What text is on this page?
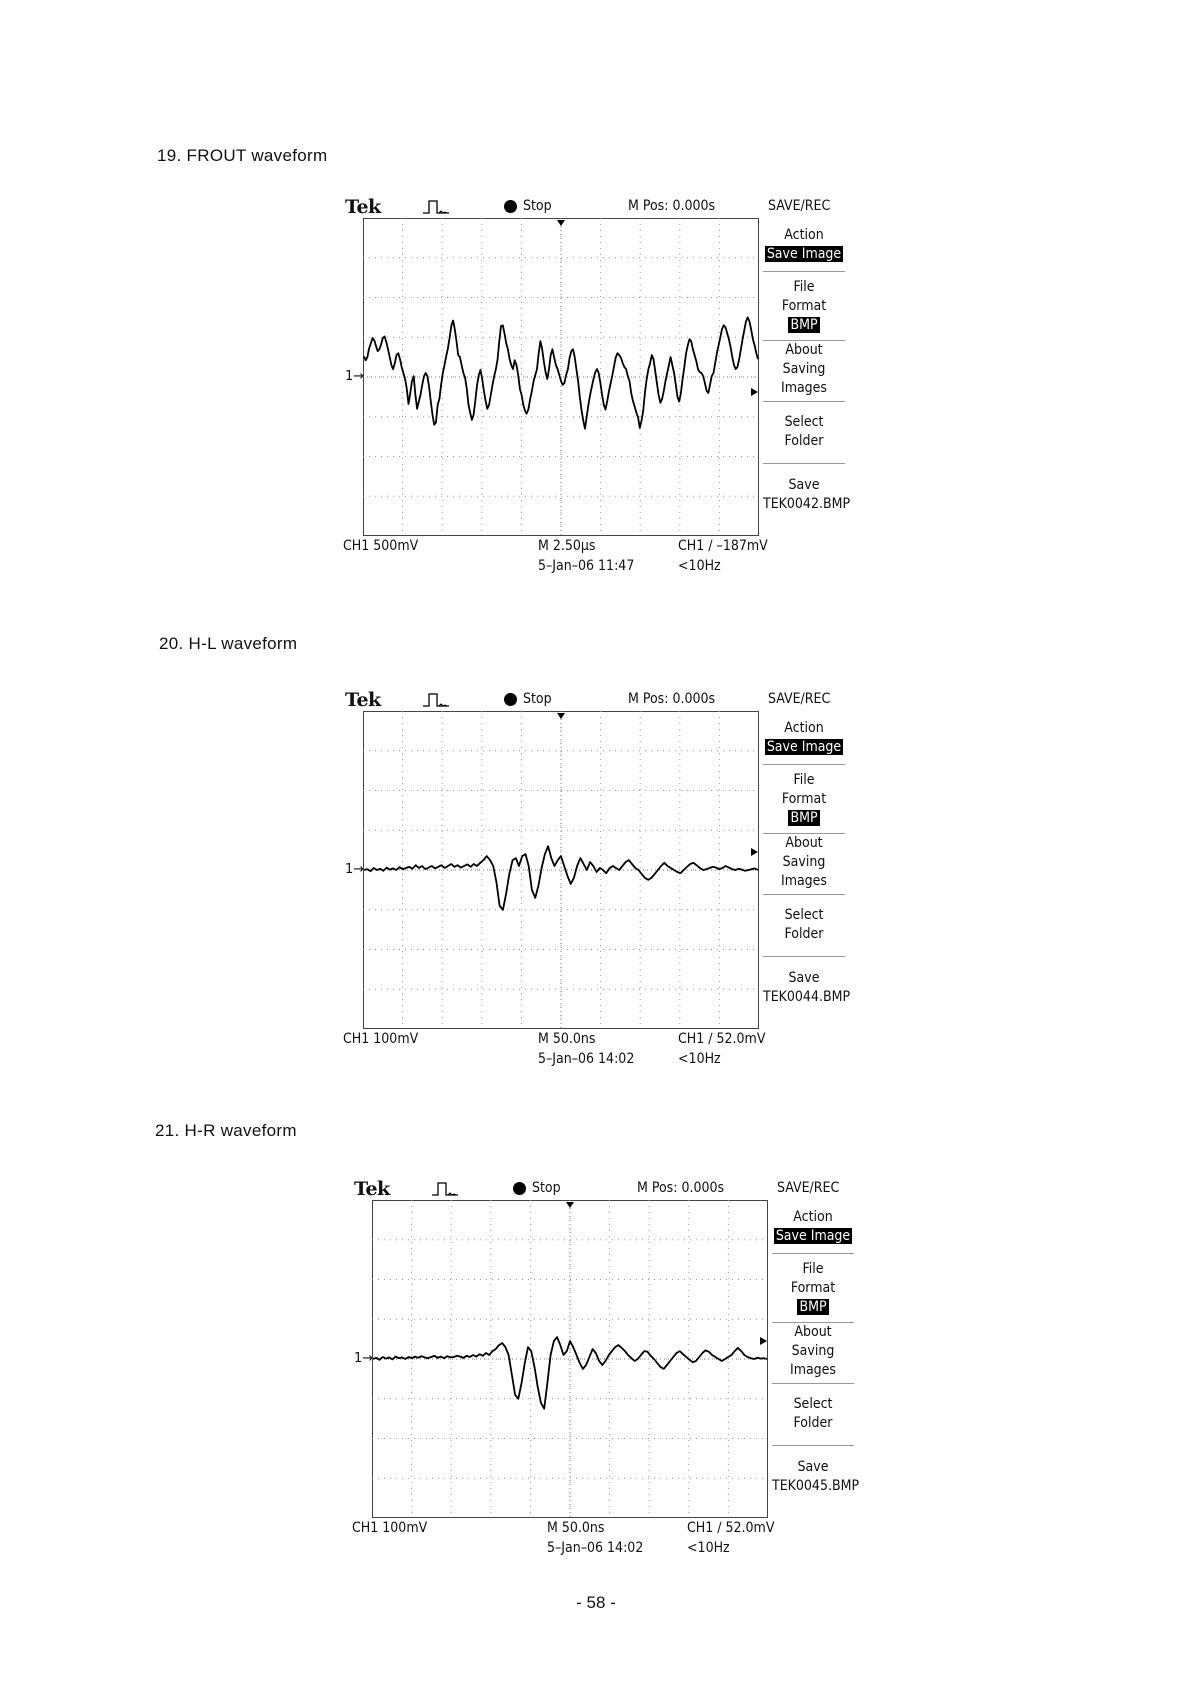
19. FROUT waveform
Tek	Stop	M Pos: 0.000s	SAVE/REC
Action
Save Image
File
Format
BMP
About
Saving
Images
Select
Folder
Save
TEK0042.BMP
CH1 500mV	M 2.50µs
5–Jan–06 11:47
CH1 ∕ –187mV
<10Hz
1→
20. H-L waveform
Tek	Stop	M Pos: 0.000s	SAVE/REC
Action
Save Image
File
Format
BMP
About
Saving
Images
Select
Folder
Save
TEK0044.BMP
CH1 100mV	M 50.0ns
5–Jan–06 14:02
CH1 ∕ 52.0mV
<10Hz
1→
21. H-R waveform
Tek	Stop	M Pos: 0.000s	SAVE/REC
Action
Save Image
File
Format
BMP
About
Saving
Images
Select
Folder
Save
TEK0045.BMP
CH1 100mV	M 50.0ns
5–Jan–06 14:02
CH1 ∕ 52.0mV
<10Hz
1→
- 58 -
